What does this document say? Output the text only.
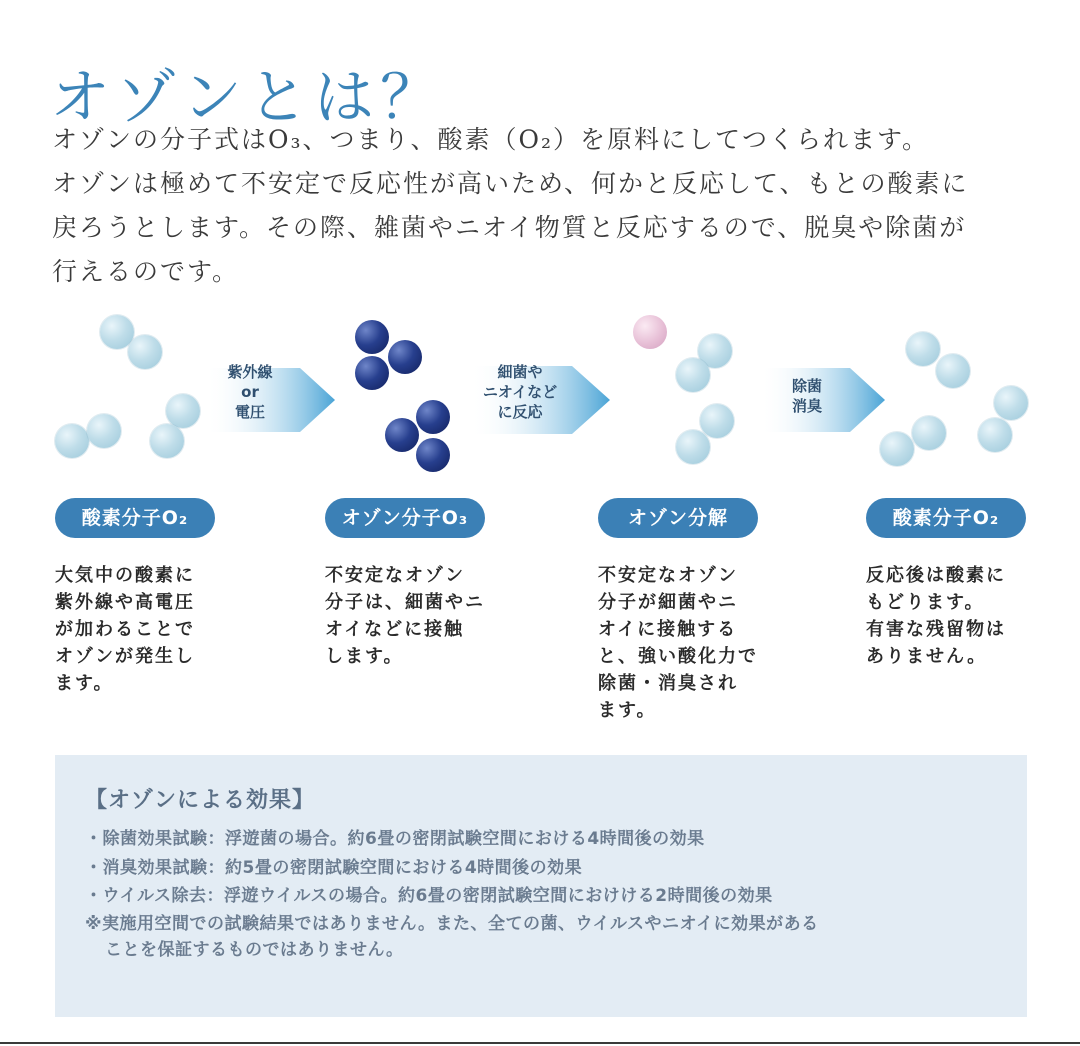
オゾンとは？

オゾンの分子式はO₃、つまり、酸素（O₂）を原料にしてつくられます。
オゾンは極めて不安定で反応性が高いため、何かと反応して、もとの酸素に
戻ろうとします。その際、雑菌やニオイ物質と反応するので、脱臭や除菌が
行えるのです。

紫外線
or
電圧
細菌や
ニオイなど
に反応
除菌
消臭
酸素分子O₂	オゾン分子O₃	オゾン分解	酸素分子O₂

大気中の酸素に
紫外線や高電圧
が加わることで
オゾンが発生し
ます。

不安定なオゾン
分子は、細菌やニ
オイなどに接触
します。

不安定なオゾン
分子が細菌やニ
オイに接触する
と、強い酸化力で
除菌・消臭され
ます。

反応後は酸素に
もどります。
有害な残留物は
ありません。

【オゾンによる効果】
・除菌効果試験：浮遊菌の場合。約6畳の密閉試験空間における4時間後の効果
・消臭効果試験：約5畳の密閉試験空間における4時間後の効果
・ウイルス除去：浮遊ウイルスの場合。約6畳の密閉試験空間におけける2時間後の効果
※実施用空間での試験結果ではありません。また、全ての菌、ウイルスやニオイに効果がある
ことを保証するものではありません。
